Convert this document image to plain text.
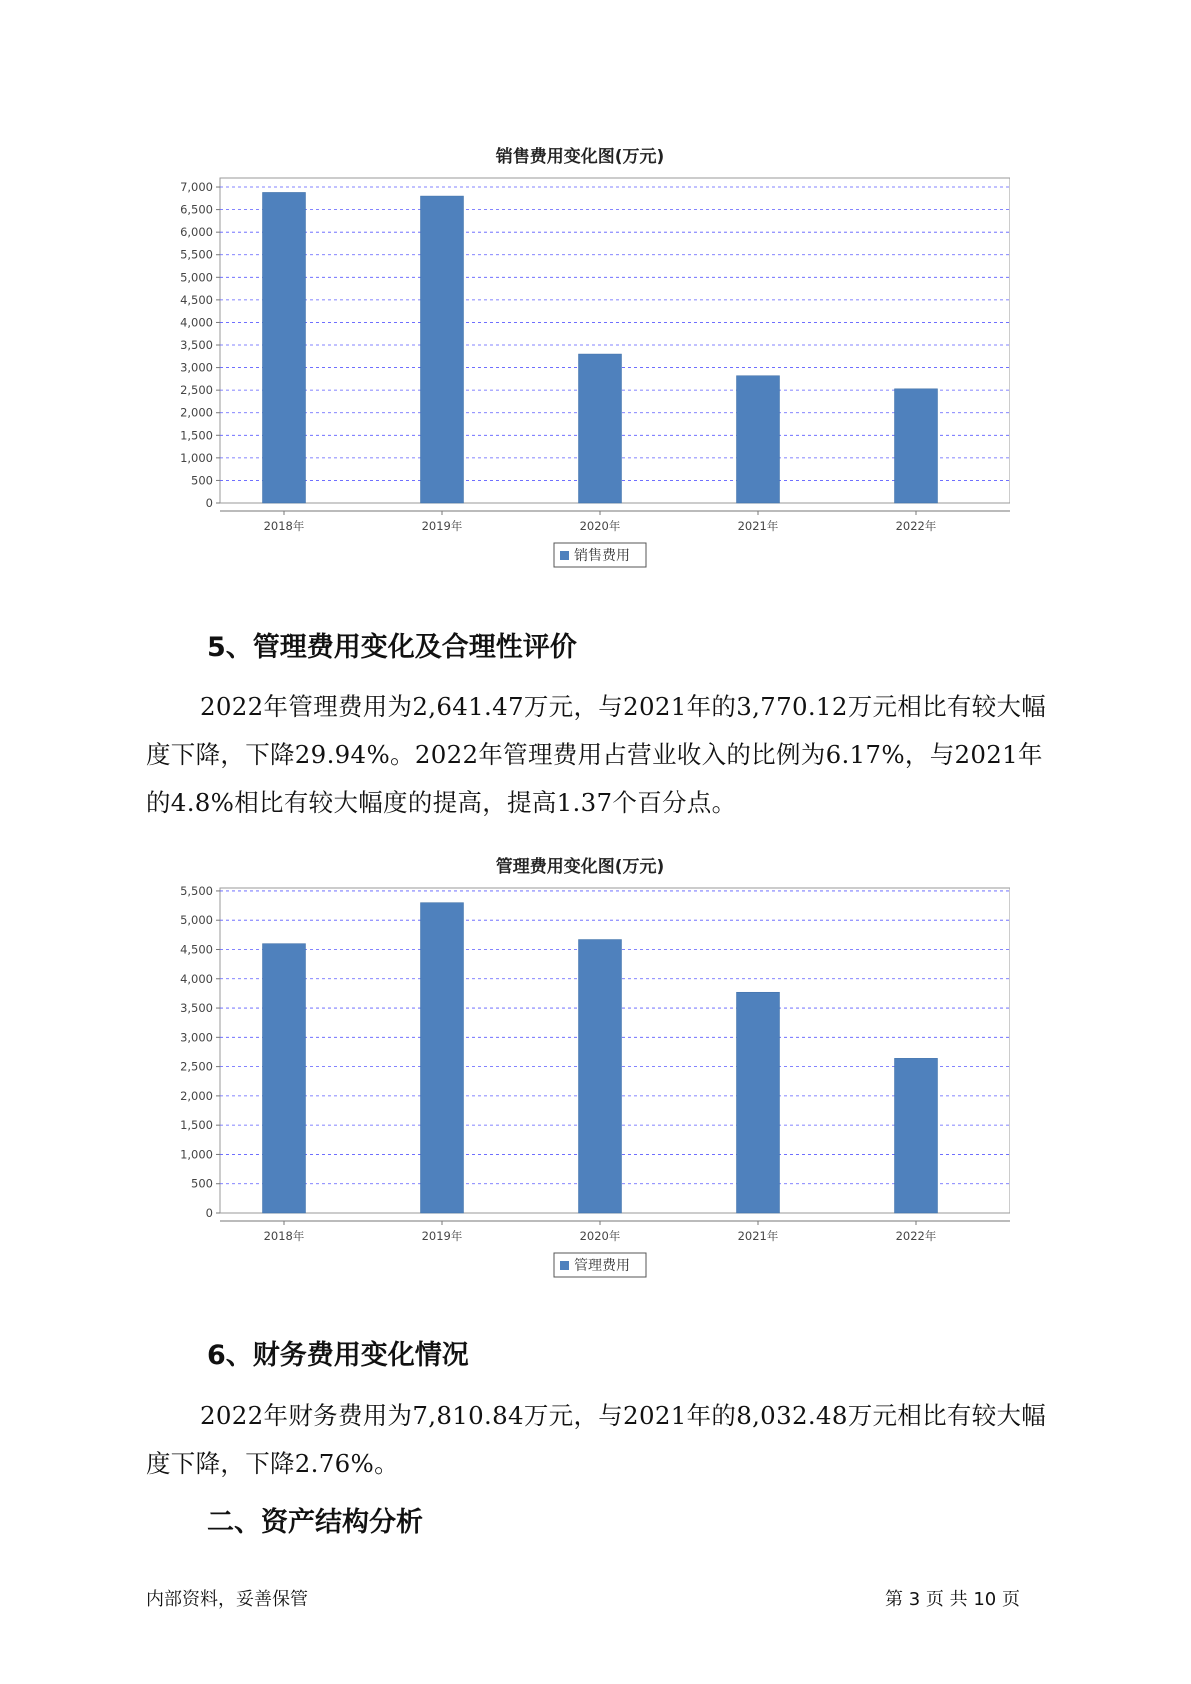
销售费用变化图(万元)
0
500
1,000
1,500
2,000
2,500
3,000
3,500
4,000
4,500
5,000
5,500
6,000
6,500
7,000
2018年	2019年	2020年	2021年	2022年
销售费用
5、管理费用变化及合理性评价

2022年管理费用为2,641.47万元，与2021年的3,770.12万元相比有较大幅度下降，下降29.94%。2022年管理费用占营业收入的比例为6.17%，与2021年的4.8%相比有较大幅度的提高，提高1.37个百分点。

管理费用变化图(万元)
0
500
1,000
1,500
2,000
2,500
3,000
3,500
4,000
4,500
5,000
5,500
2018年	2019年	2020年	2021年	2022年
管理费用
6、财务费用变化情况

2022年财务费用为7,810.84万元，与2021年的8,032.48万元相比有较大幅度下降，下降2.76%。

二、资产结构分析
内部资料，妥善保管	第 3 页 共 10 页
